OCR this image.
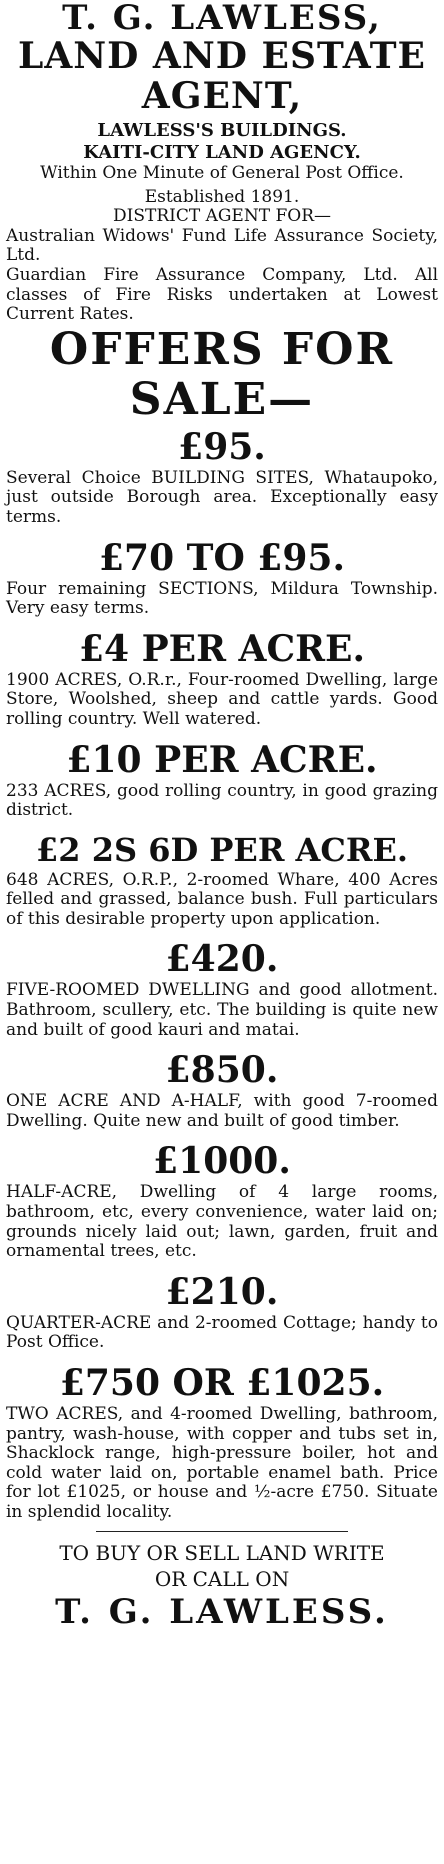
T. G. LAWLESS,
LAND AND ESTATE AGENT,
LAWLESS'S BUILDINGS.
KAITI-CITY LAND AGENCY.

Within One Minute of General Post Office.

Established 1891.

DISTRICT AGENT FOR—

Australian Widows' Fund Life Assurance Society, Ltd.

Guardian Fire Assurance Company, Ltd. All classes of Fire Risks undertaken at Lowest Current Rates.

OFFERS FOR SALE—
£95.

Several Choice BUILDING SITES, Whataupoko, just outside Borough area. Exceptionally easy terms.

£70 TO £95.

Four remaining SECTIONS, Mildura Township. Very easy terms.

£4 PER ACRE.

1900 ACRES, O.R.r., Four-roomed Dwelling, large Store, Woolshed, sheep and cattle yards. Good rolling country. Well watered.

£10 PER ACRE.

233 ACRES, good rolling country, in good grazing district.

£2 2S 6D PER ACRE.

648 ACRES, O.R.P., 2-roomed Whare, 400 Acres felled and grassed, balance bush. Full particulars of this desirable property upon application.

£420.

FIVE-ROOMED DWELLING and good allotment. Bathroom, scullery, etc. The building is quite new and built of good kauri and matai.

£850.

ONE ACRE AND A-HALF, with good 7-roomed Dwelling. Quite new and built of good timber.

£1000.

HALF-ACRE, Dwelling of 4 large rooms, bathroom, etc, every convenience, water laid on; grounds nicely laid out; lawn, garden, fruit and ornamental trees, etc.

£210.

QUARTER-ACRE and 2-roomed Cottage; handy to Post Office.

£750 OR £1025.

TWO ACRES, and 4-roomed Dwelling, bathroom, pantry, wash-house, with copper and tubs set in, Shacklock range, high-pressure boiler, hot and cold water laid on, portable enamel bath. Price for lot £1025, or house and ½-acre £750. Situate in splendid locality.

TO BUY OR SELL LAND WRITE
OR CALL ON
T. G. LAWLESS.
